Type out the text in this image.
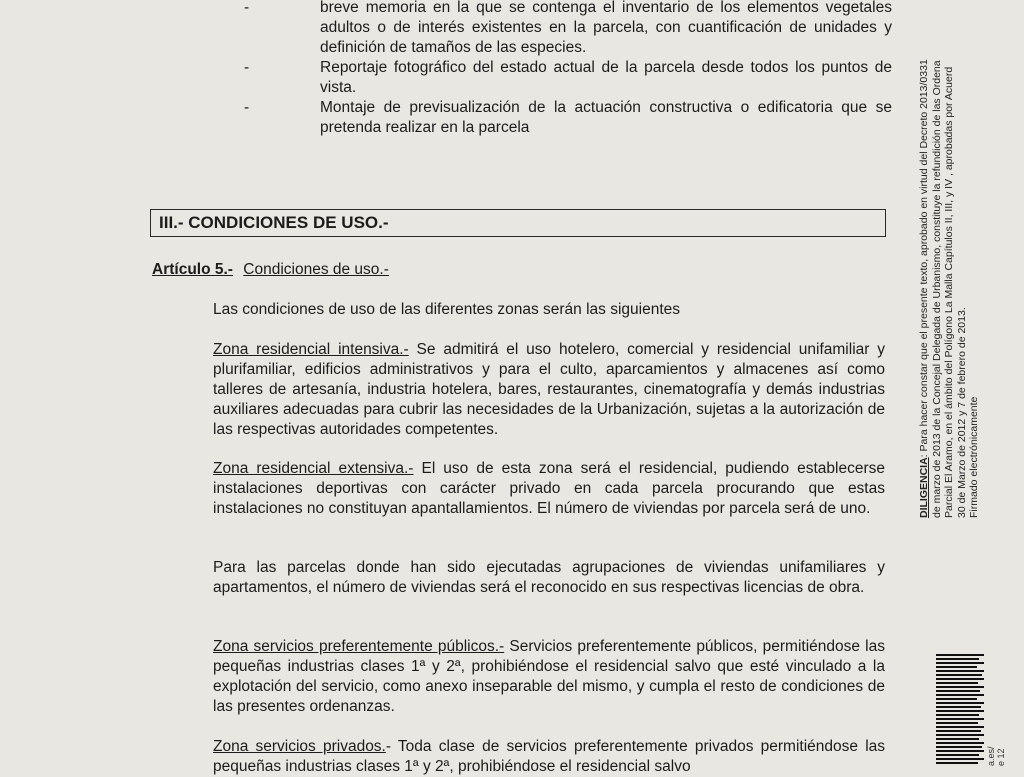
-	breve memoria en la que se contenga el inventario de los elementos vegetales adultos o de interés existentes en la parcela, con cuantificación de unidades y definición de tamaños de las especies.
-	Reportaje fotográfico del estado actual de la parcela desde todos los puntos de vista.
-	Montaje de previsualización de la actuación constructiva o edificatoria que se pretenda realizar en la parcela
III.- CONDICIONES DE USO.-
Artículo 5.- Condiciones de uso.-
Las condiciones de uso de las diferentes zonas serán las siguientes
Zona residencial intensiva.- Se admitirá el uso hotelero, comercial y residencial unifamiliar y plurifamiliar, edificios administrativos y para el culto, aparcamientos y almacenes así como talleres de artesanía, industria hotelera, bares, restaurantes, cinematografía y demás industrias auxiliares adecuadas para cubrir las necesidades de la Urbanización, sujetas a la autorización de las respectivas autoridades competentes.
Zona residencial extensiva.- El uso de esta zona será el residencial, pudiendo establecerse instalaciones deportivas con carácter privado en cada parcela procurando que estas instalaciones no constituyan apantallamientos. El número de viviendas por parcela será de uno.
Para las parcelas donde han sido ejecutadas agrupaciones de viviendas unifamiliares y apartamentos, el número de viviendas será el reconocido en sus respectivas licencias de obra.
Zona servicios preferentemente públicos.- Servicios preferentemente públicos, permitiéndose las pequeñas industrias clases 1ª y 2ª, prohibiéndose el residencial salvo que esté vinculado a la explotación del servicio, como anexo inseparable del mismo, y cumpla el resto de condiciones de las presentes ordenanzas.
Zona servicios privados.- Toda clase de servicios preferentemente privados permitiéndose las pequeñas industrias clases 1ª y 2ª, prohibiéndose el residencial salvo
DILIGENCIA: Para hacer constar que el presente texto, aprobado en virtud del Decreto 2013/0331 de marzo de 2013 de la Concejal Delegada de Urbanismo, constituye la refundición de las Ordena Parcial El Aramo, en el ámbito del Polígono La Malla Capítulos II, III, y IV , aprobadas por Acuerd 30 de Marzo de 2012 y 7 de febrero de 2013. Firmado electrónicamente
a.es/ e 12
